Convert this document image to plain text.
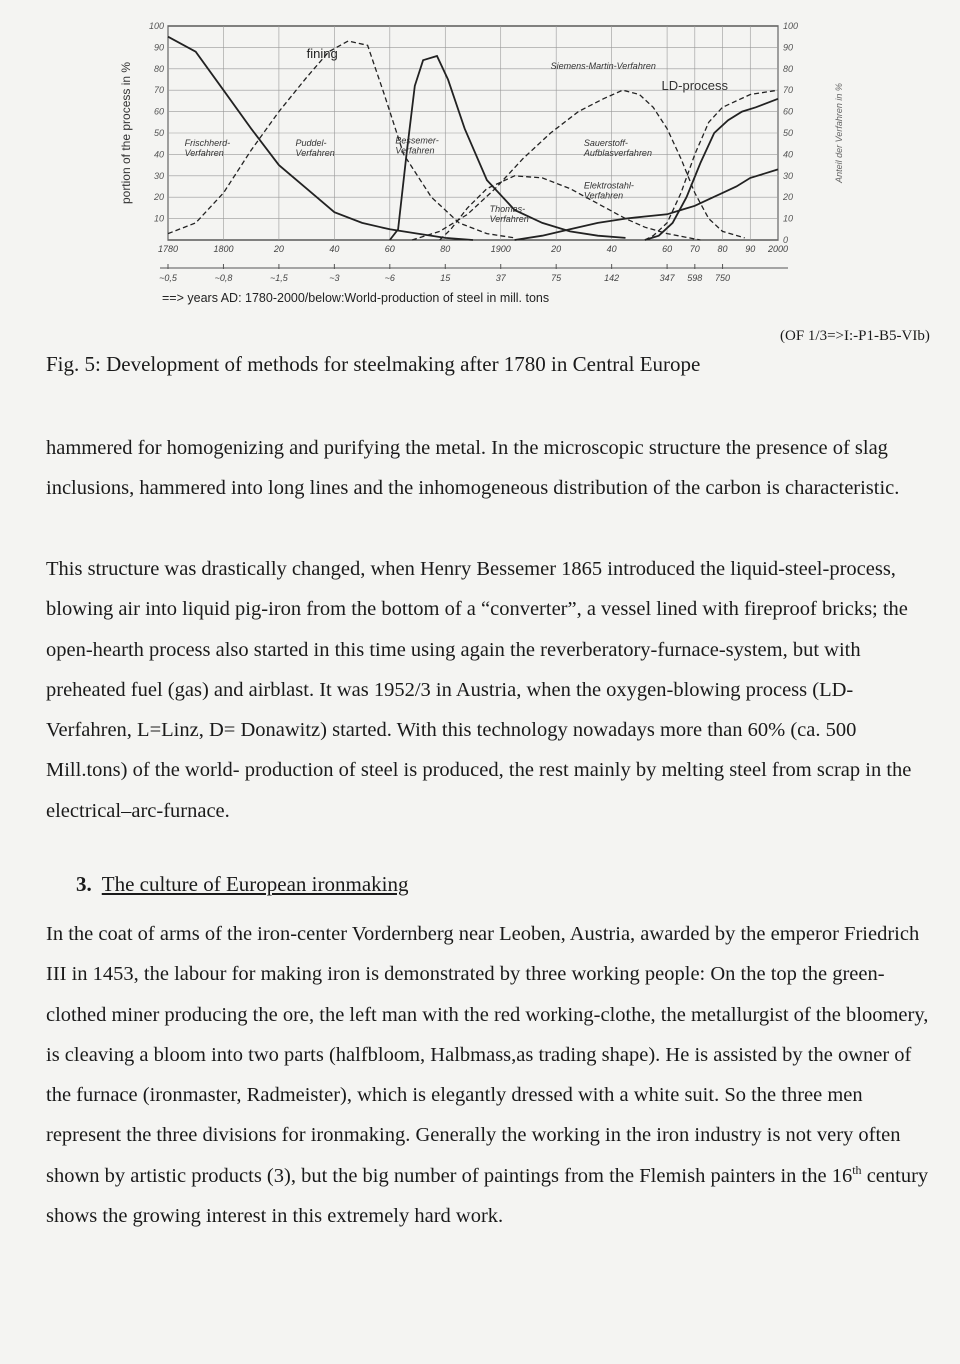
10
20
30
40
50
60
70
80
90
100
0
10
20
30
40
50
60
70
80
90
100
1780	1800	20	40	60	80	1900	20	40	60 70 80 90 2000
~0,5	~0,8	~1,5	~3	~6	15	37	75	142	347 598 750
portion of the process in %	Anteil der Verfahren in %
==> years AD: 1780-2000/below:World-production of steel in mill. tons
Frischherd-Verfahren
Puddel-Verfahren
Bessemer-Verfahren
Thomas-Verfahren
Siemens-Martin-Verfahren
Sauerstoff-Aufblasverfahren
Elektrostahl-Verfahren
LD-process
fining
(OF 1/3=>I:-P1-B5-VIb)
Fig. 5: Development of methods for steelmaking after 1780 in Central Europe
hammered for homogenizing and purifying the metal. In the microscopic structure the presence of slag inclusions, hammered into long lines and the inhomogeneous distribution of the carbon is characteristic.
This structure was drastically changed, when Henry Bessemer 1865 introduced the liquid-steel-process, blowing air into liquid pig-iron from the bottom of a “converter”, a vessel lined with fireproof bricks; the open-hearth process also started in this time using again the reverberatory-furnace-system, but with preheated fuel (gas) and airblast. It was 1952/3 in Austria, when the oxygen-blowing process (LD-Verfahren, L=Linz, D= Donawitz) started. With this technology nowadays more than 60% (ca. 500 Mill.tons) of the world- production of steel is produced, the rest mainly by melting steel from scrap in the electrical–arc-furnace.
3. The culture of European ironmaking
In the coat of arms of the iron-center Vordernberg near Leoben, Austria, awarded by the emperor Friedrich III in 1453, the labour for making iron is demonstrated by three working people: On the top the green-clothed miner producing the ore, the left man with the red working-clothe, the metallurgist of the bloomery, is cleaving a bloom into two parts (halfbloom, Halbmass,as trading shape). He is assisted by the owner of the furnace (ironmaster, Radmeister), which is elegantly dressed with a white suit. So the three men represent the three divisions for ironmaking. Generally the working in the iron industry is not very often shown by artistic products (3), but the big number of paintings from the Flemish painters in the 16th century shows the growing interest in this extremely hard work.
